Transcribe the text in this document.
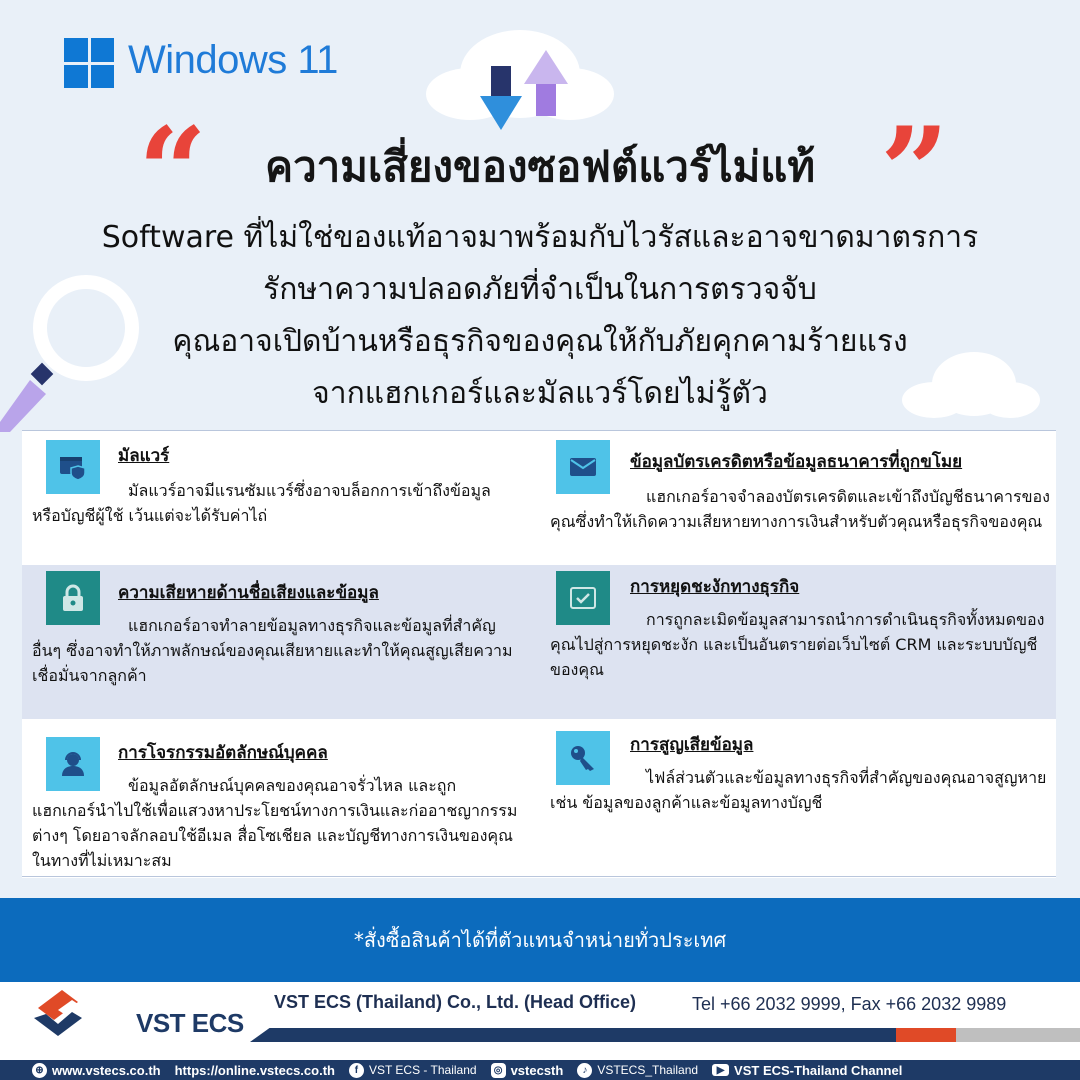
Windows 11
“	”
ความเสี่ยงของซอฟต์แวร์ไม่แท้
Software ที่ไม่ใช่ของแท้อาจมาพร้อมกับไวรัสและอาจขาดมาตรการ
รักษาความปลอดภัยที่จำเป็นในการตรวจจับ
คุณอาจเปิดบ้านหรือธุรกิจของคุณให้กับภัยคุกคามร้ายแรง
จากแฮกเกอร์และมัลแวร์โดยไม่รู้ตัว
มัลแวร์
มัลแวร์อาจมีแรนซัมแวร์ซึ่งอาจบล็อกการเข้าถึงข้อมูลหรือบัญชีผู้ใช้ เว้นแต่จะได้รับค่าไถ่
ข้อมูลบัตรเครดิตหรือข้อมูลธนาคารที่ถูกขโมย
แฮกเกอร์อาจจำลองบัตรเครดิตและเข้าถึงบัญชีธนาคารของคุณซึ่งทำให้เกิดความเสียหายทางการเงินสำหรับตัวคุณหรือธุรกิจของคุณ
ความเสียหายด้านชื่อเสียงและข้อมูล
แฮกเกอร์อาจทำลายข้อมูลทางธุรกิจและข้อมูลที่สำคัญอื่นๆ ซึ่งอาจทำให้ภาพลักษณ์ของคุณเสียหายและทำให้คุณสูญเสียความเชื่อมั่นจากลูกค้า
การหยุดชะงักทางธุรกิจ
การถูกละเมิดข้อมูลสามารถนำการดำเนินธุรกิจทั้งหมดของคุณไปสู่การหยุดชะงัก และเป็นอันตรายต่อเว็บไซต์ CRM และระบบบัญชีของคุณ
การโจรกรรมอัตลักษณ์บุคคล
ข้อมูลอัตลักษณ์บุคคลของคุณอาจรั่วไหล และถูกแฮกเกอร์นำไปใช้เพื่อแสวงหาประโยชน์ทางการเงินและก่ออาชญากรรมต่างๆ โดยอาจลักลอบใช้อีเมล สื่อโซเชียล และบัญชีทางการเงินของคุณในทางที่ไม่เหมาะสม
การสูญเสียข้อมูล
ไฟล์ส่วนตัวและข้อมูลทางธุรกิจที่สำคัญของคุณอาจสูญหาย เช่น ข้อมูลของลูกค้าและข้อมูลทางบัญชี
*สั่งซื้อสินค้าได้ที่ตัวแทนจำหน่ายทั่วประเทศ
VST ECS
VST ECS (Thailand) Co., Ltd. (Head Office)	Tel +66 2032 9999, Fax +66 2032 9989
⊕ www.vstecs.co.th https://online.vstecs.co.th	f VST ECS - Thailand	◎ vstecsth	♪ VSTECS_Thailand	▶ VST ECS-Thailand Channel
